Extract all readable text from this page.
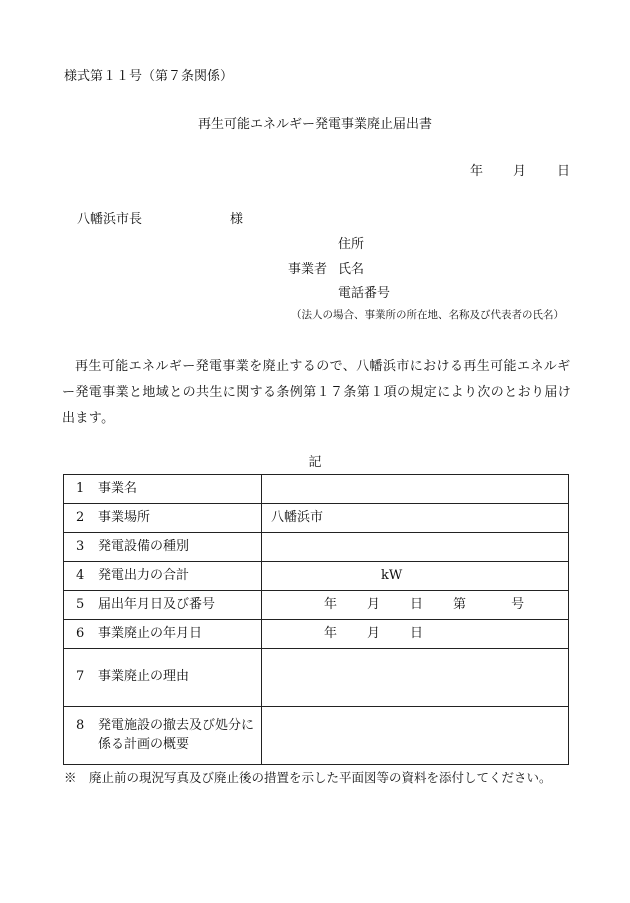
様式第１１号（第７条関係）
再生可能エネルギー発電事業廃止届出書
年 月 日
八幡浜市長	様
住所
事業者 氏名
電話番号
（法人の場合、事業所の所在地、名称及び代表者の氏名）
再生可能エネルギー発電事業を廃止するので、八幡浜市における再生可能エネルギー発電事業と地域との共生に関する条例第１７条第１項の規定により次のとおり届け出ます。
記
1 事業名	

2 事業場所	八幡浜市

3 発電設備の種別	

4 発電出力の合計	kW

5 届出年月日及び番号	年 月 日 第 号

6 事業廃止の年月日	年 月 日

7 事業廃止の理由	

8 発電施設の撤去及び処分に係る計画の概要	

※　廃止前の現況写真及び廃止後の措置を示した平面図等の資料を添付してください。
